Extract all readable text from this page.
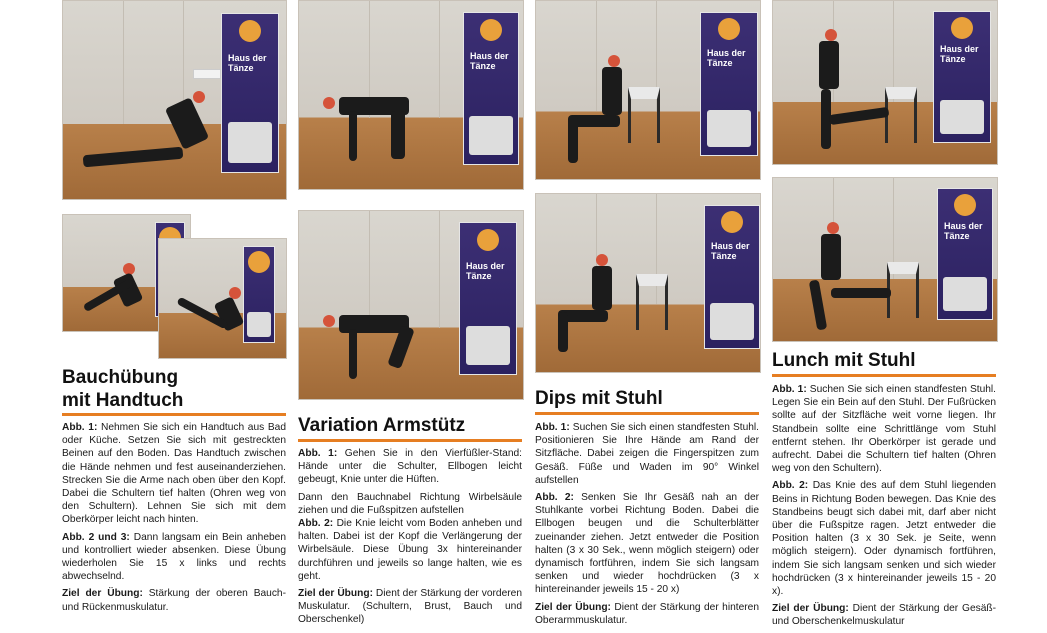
Haus der Tänze
Bauchübung
mit Handtuch

Abb. 1: Nehmen Sie sich ein Handtuch aus Bad oder Küche. Setzen Sie sich mit gestreckten Beinen auf den Boden. Das Handtuch zwischen die Hände nehmen und fest auseinanderziehen. Strecken Sie die Arme nach oben über den Kopf. Dabei die Schultern tief halten (Ohren weg von den Schultern). Lehnen Sie sich mit dem Oberkörper leicht nach hinten.

Abb. 2 und 3: Dann langsam ein Bein anheben und kontrolliert wieder absenken. Diese Übung wiederholen Sie 15 x links und rechts abwechselnd.

Ziel der Übung: Stärkung der oberen Bauch- und Rückenmuskulatur.

Haus der Tänze
Haus der Tänze
Variation Armstütz

Abb. 1: Gehen Sie in den Vierfüßler-Stand: Hände unter die Schulter, Ellbogen leicht gebeugt, Knie unter die Hüften.

Dann den Bauchnabel Richtung Wirbelsäule ziehen und die Fußspitzen aufstellen

Abb. 2: Die Knie leicht vom Boden anheben und halten. Dabei ist der Kopf die Verlängerung der Wirbelsäule. Diese Übung 3x hintereinander durchführen und jeweils so lange halten, wie es geht.

Ziel der Übung: Dient der Stärkung der vorderen Muskulatur. (Schultern, Brust, Bauch und Oberschenkel)

Haus der Tänze
Haus der Tänze
Dips mit Stuhl

Abb. 1: Suchen Sie sich einen standfesten Stuhl. Positionieren Sie Ihre Hände am Rand der Sitzfläche. Dabei zeigen die Fingerspitzen zum Gesäß. Füße und Waden im 90° Winkel aufstellen

Abb. 2: Senken Sie Ihr Gesäß nah an der Stuhlkante vorbei Richtung Boden. Dabei die Ellbogen beugen und die Schulterblätter zueinander ziehen. Jetzt entweder die Position halten (3 x 30 Sek., wenn möglich steigern) oder dynamisch fortführen, indem Sie sich langsam senken und wieder hochdrücken (3 x hintereinander jeweils 15 - 20 x)

Ziel der Übung: Dient der Stärkung der hinteren Oberarmmuskulatur.

Haus der Tänze
Haus der Tänze
Lunch mit Stuhl

Abb. 1: Suchen Sie sich einen standfesten Stuhl. Legen Sie ein Bein auf den Stuhl. Der Fußrücken sollte auf der Sitzfläche weit vorne liegen. Ihr Standbein sollte eine Schrittlänge vom Stuhl entfernt stehen. Ihr Oberkörper ist gerade und aufrecht. Dabei die Schultern tief halten (Ohren weg von den Schultern).

Abb. 2: Das Knie des auf dem Stuhl liegenden Beins in Richtung Boden bewegen. Das Knie des Standbeins beugt sich dabei mit, darf aber nicht über die Fußspitze ragen. Jetzt entweder die Position halten (3 x 30 Sek. je Seite, wenn möglich steigern). Oder dynamisch fortführen, indem Sie sich langsam senken und sich wieder hochdrücken (3 x hintereinander jeweils 15 - 20 x).

Ziel der Übung: Dient der Stärkung der Gesäß- und Oberschenkelmuskulatur
